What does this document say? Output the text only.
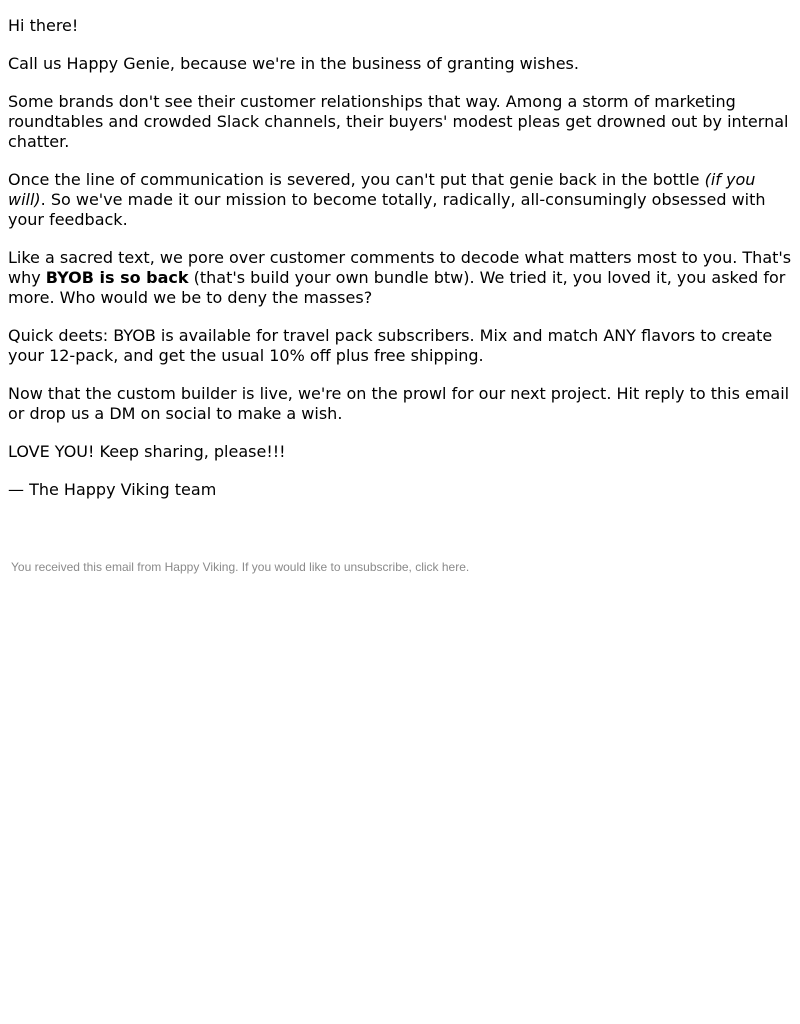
Hi there!

Call us Happy Genie, because we're in the business of granting wishes.

Some brands don't see their customer relationships that way. Among a storm of marketing roundtables and crowded Slack channels, their buyers' modest pleas get drowned out by internal chatter.

Once the line of communication is severed, you can't put that genie back in the bottle (if you will). So we've made it our mission to become totally, radically, all-consumingly obsessed with your feedback.

Like a sacred text, we pore over customer comments to decode what matters most to you. That's why BYOB is so back (that's build your own bundle btw). We tried it, you loved it, you asked for more. Who would we be to deny the masses?

Quick deets: BYOB is available for travel pack subscribers. Mix and match ANY flavors to create your 12-pack, and get the usual 10% off plus free shipping.

Now that the custom builder is live, we're on the prowl for our next project. Hit reply to this email or drop us a DM on social to make a wish.

LOVE YOU! Keep sharing, please!!!

— The Happy Viking team

You received this email from Happy Viking. If you would like to unsubscribe, click here.
